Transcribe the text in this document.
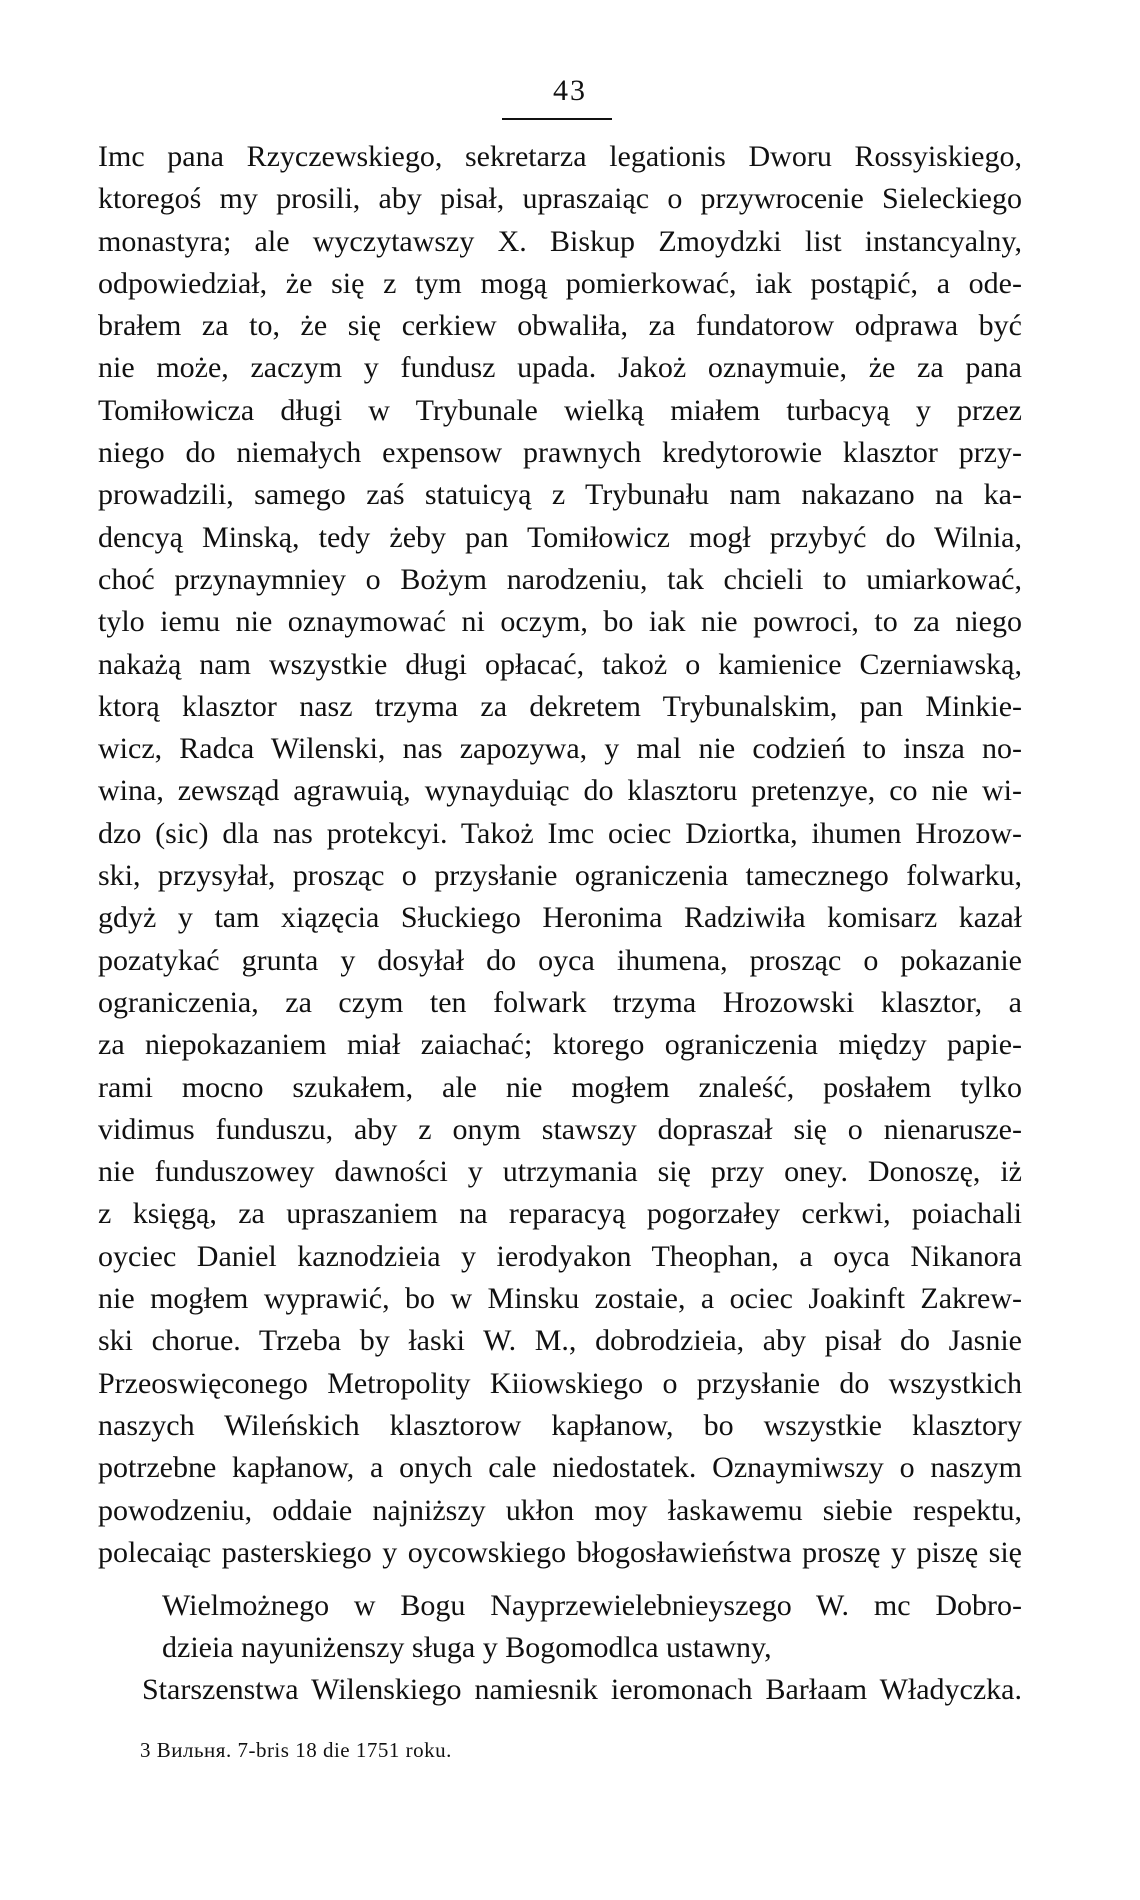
43
Imc pana Rzyczewskiego, sekretarza legationis Dworu Rossyiskiego,
ktoregoś my prosili, aby pisał, upraszaiąc o przywrocenie Sieleckiego
monastyra; ale wyczytawszy X. Biskup Zmoydzki list instancyalny,
odpowiedział, że się z tym mogą pomierkować, iak postąpić, a ode-
brałem za to, że się cerkiew obwaliła, za fundatorow odprawa być
nie może, zaczym y fundusz upada. Jakoż oznaymuie, że za pana
Tomiłowicza długi w Trybunale wielką miałem turbacyą y przez
niego do niemałych expensow prawnych kredytorowie klasztor przy-
prowadzili, samego zaś statuicyą z Trybunału nam nakazano na ka-
dencyą Minską, tedy żeby pan Tomiłowicz mogł przybyć do Wilnia,
choć przynaymniey o Bożym narodzeniu, tak chcieli to umiarkować,
tylo iemu nie oznaymować ni oczym, bo iak nie powroci, to za niego
nakażą nam wszystkie długi opłacać, takoż o kamienice Czerniawską,
ktorą klasztor nasz trzyma za dekretem Trybunalskim, pan Minkie-
wicz, Radca Wilenski, nas zapozywa, y mal nie codzień to insza no-
wina, zewsząd agrawuią, wynayduiąc do klasztoru pretenzye, co nie wi-
dzo (sic) dla nas protekcyi. Takoż Imc ociec Dziortka, ihumen Hrozow-
ski, przysyłał, prosząc o przysłanie ograniczenia tamecznego folwarku,
gdyż y tam xiązęcia Słuckiego Heronima Radziwiła komisarz kazał
pozatykać grunta y dosyłał do oyca ihumena, prosząc o pokazanie
ograniczenia, za czym ten folwark trzyma Hrozowski klasztor, a
za niepokazaniem miał zaiachać; ktorego ograniczenia między papie-
rami mocno szukałem, ale nie mogłem znaleść, posłałem tylko
vidimus funduszu, aby z onym stawszy dopraszał się o nienarusze-
nie funduszowey dawności y utrzymania się przy oney. Donoszę, iż
z księgą, za upraszaniem na reparacyą pogorzałey cerkwi, poiachali
oyciec Daniel kaznodzieia y ierodyakon Theophan, a oyca Nikanora
nie mogłem wyprawić, bo w Minsku zostaie, a ociec Joakinft Zakrew-
ski chorue. Trzeba by łaski W. M., dobrodzieia, aby pisał do Jasnie
Przeoswięconego Metropolity Kiiowskiego o przysłanie do wszystkich
naszych Wileńskich klasztorow kapłanow, bo wszystkie klasztory
potrzebne kapłanow, a onych cale niedostatek. Oznaymiwszy o naszym
powodzeniu, oddaie najniższy ukłon moy łaskawemu siebie respektu,
polecaiąc pasterskiego y oycowskiego błogosławieństwa proszę y piszę się
Wielmożnego w Bogu Nayprzewielebnieyszego W. mc Dobro-
dzieia nayuniżenszy sługa y Bogomodlca ustawny,
Starszenstwa Wilenskiego namiesnik ieromonach Barłaam Władyczka.
3 Вильня. 7-bris 18 die 1751 roku.
